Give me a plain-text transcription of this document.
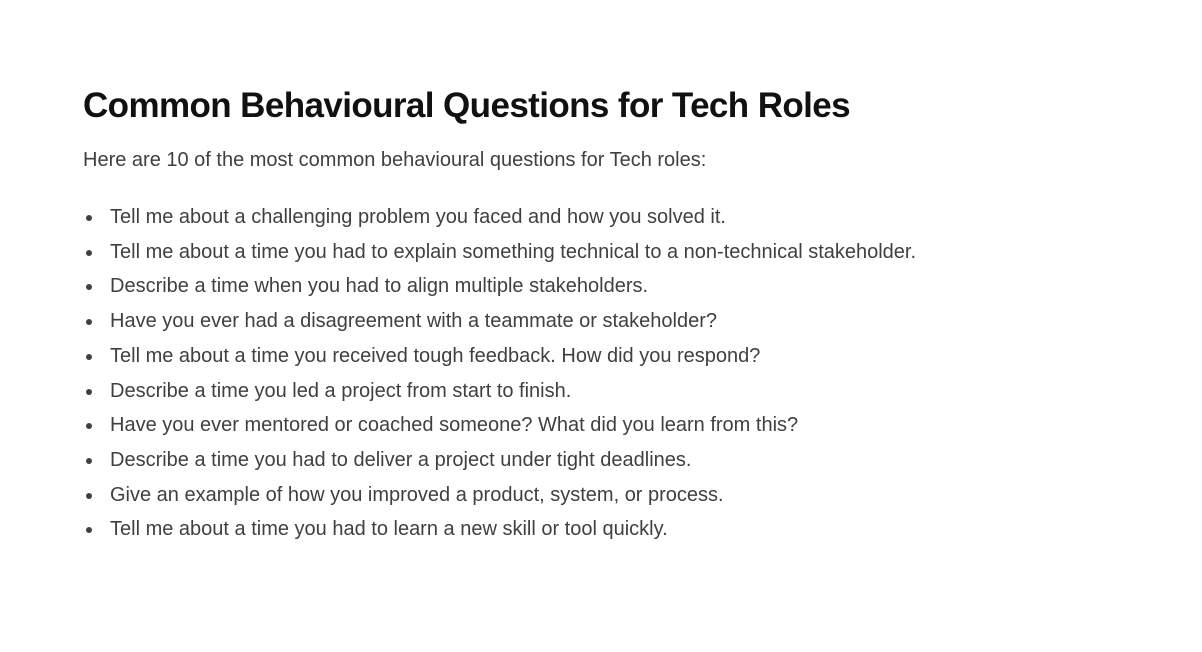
Common Behavioural Questions for Tech Roles

Here are 10 of the most common behavioural questions for Tech roles:

Tell me about a challenging problem you faced and how you solved it.
Tell me about a time you had to explain something technical to a non-technical stakeholder.
Describe a time when you had to align multiple stakeholders.
Have you ever had a disagreement with a teammate or stakeholder?
Tell me about a time you received tough feedback. How did you respond?
Describe a time you led a project from start to finish.
Have you ever mentored or coached someone? What did you learn from this?
Describe a time you had to deliver a project under tight deadlines.
Give an example of how you improved a product, system, or process.
Tell me about a time you had to learn a new skill or tool quickly.
